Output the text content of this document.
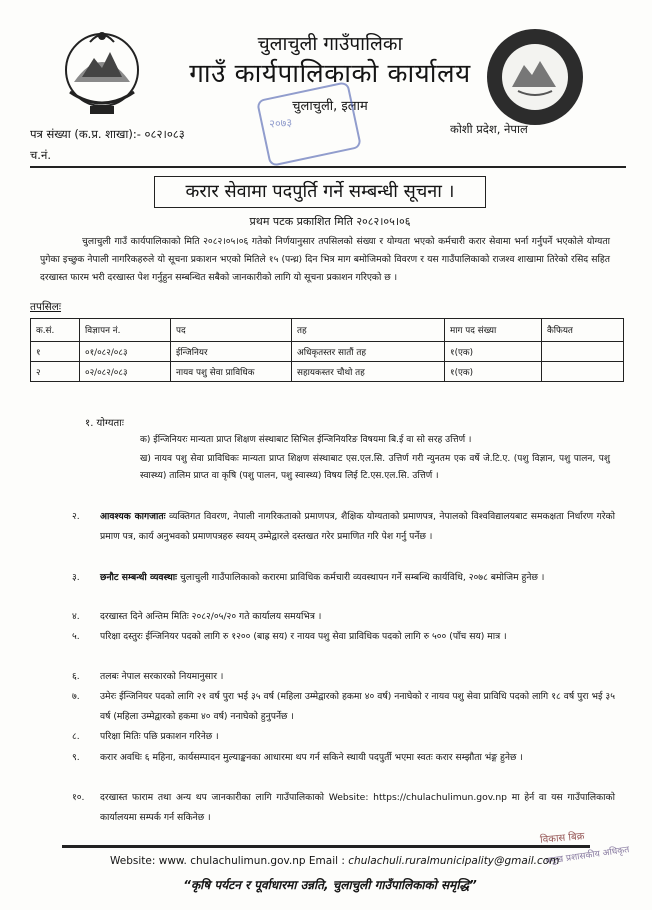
चुलाचुली गाउँपालिका
गाउँ कार्यपालिकाको कार्यालय
चुलाचुली, इलाम
२०७३
पत्र संख्या (क.प्र. शाखा):- ०८२।०८३
च.नं.
कोशी प्रदेश, नेपाल
करार सेवामा पदपुर्ति गर्ने सम्बन्धी सूचना ।
प्रथम पटक प्रकाशित मिति २०८२।०५।०६
चुलाचुली गाउँ कार्यपालिकाको मिति २०८२।०५।०६ गतेको निर्णयानुसार तपसिलको संख्या र योग्यता भएको कर्मचारी करार सेवामा भर्ना गर्नुपर्ने भएकोले योग्यता पुगेका इच्छुक नेपाली नागरिकहरुले यो सूचना प्रकाशन भएको मितिले १५ (पन्ध्र) दिन भित्र माग बमोजिमको विवरण र यस गाउँपालिकाको राजश्व शाखामा तिरेको रसिद सहित दरखास्त फारम भरी दरखास्त पेश गर्नुहुन सम्बन्धित सबैको जानकारीको लागि यो सूचना प्रकाशन गरिएको छ ।
तपसिलः
क.सं.	विज्ञापन नं.	पद	तह	माग पद संख्या	कैफियत
१	०१/०८२/०८३	ईन्जिनियर	अधिकृतस्तर सातौं तह	१(एक)	
२	०२/०८२/०८३	नायव पशु सेवा प्राविधिक	सहायकस्तर चौथो तह	१(एक)	
१. योग्यताः
क) ईन्जिनियरः मान्यता प्राप्त शिक्षण संस्थाबाट सिभिल ईन्जिनियरिङ विषयमा बि.ई वा सो सरह उत्तिर्ण ।
ख) नायव पशु सेवा प्राविधिकः मान्यता प्राप्त शिक्षण संस्थाबाट एस.एल.सि. उत्तिर्ण गरी न्युनतम एक वर्षे जे.टि.ए. (पशु विज्ञान, पशु पालन, पशु स्वास्थ्य) तालिम प्राप्त वा कृषि (पशु पालन, पशु स्वास्थ्य) विषय लिई टि.एस.एल.सि. उत्तिर्ण ।
२. आवश्यक कागजातः व्यक्तिगत विवरण, नेपाली नागरिकताको प्रमाणपत्र, शैक्षिक योग्यताको प्रमाणपत्र, नेपालको विश्वविद्यालयबाट समकक्षता निर्धारण गरेको प्रमाण पत्र, कार्य अनुभवको प्रमाणपत्रहरु स्वयम् उम्मेद्वारले दस्तखत गरेर प्रमाणित गरि पेश गर्नु पर्नेछ ।
३. छनौट सम्बन्धी व्यवस्थाः चुलाचुली गाउँपालिकाको करारमा प्राविधिक कर्मचारी व्यवस्थापन गर्ने सम्बन्धि कार्यविधि, २०७८ बमोजिम हुनेछ ।
४. दरखास्त दिने अन्तिम मितिः २०८२/०५/२० गते कार्यालय समयभित्र ।
५. परिक्षा दस्तुरः ईन्जिनियर पदको लागि रु १२०० (बाह्र सय) र नायव पशु सेवा प्राविधिक पदको लागि रु ५०० (पाँच सय) मात्र ।
६. तलबः नेपाल सरकारको नियमानुसार ।
७. उमेरः ईन्जिनियर पदको लागि २१ वर्ष पुरा भई ३५ वर्ष (महिला उम्मेद्वारको हकमा ४० वर्ष) ननाघेको र नायव पशु सेवा प्राविधि पदको लागि १८ वर्ष पुरा भई ३५ वर्ष (महिला उम्मेद्वारको हकमा ४० वर्ष) ननाघेको हुनुपर्नेछ ।
८. परिक्षा मितिः पछि प्रकाशन गरिनेछ ।
९. करार अवधिः ६ महिना, कार्यसम्पादन मुल्याङ्कनका आधारमा थप गर्न सकिने स्थायी पदपुर्ती भएमा स्वतः करार सम्झौता भंङ्ग हुनेछ ।
१०. दरखास्त फाराम तथा अन्य थप जानकारीका लागि गाउँपालिकाको Website: https://chulachulimun.gov.np मा हेर्न वा यस गाउँपालिकाको कार्यालयमा सम्पर्क गर्न सकिनेछ ।
विकास बिक्र
प्रमुख प्रशासकीय अधिकृत
Website: www. chulachulimun.gov.np Email : chulachuli.ruralmunicipality@gmail.com
“कृषि पर्यटन र पूर्वाधारमा उन्नति, चुलाचुली गाउँपालिकाको समृद्धि”
